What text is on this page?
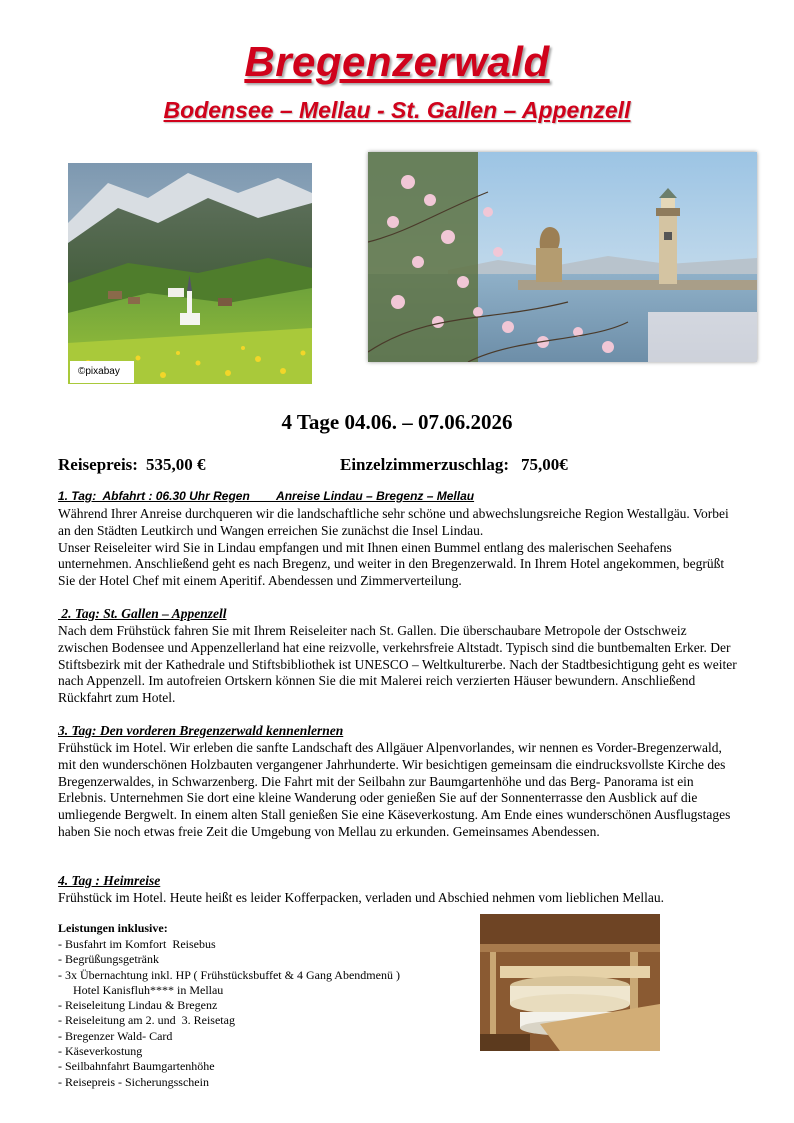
Bregenzerwald
Bodensee – Mellau - St. Gallen – Appenzell
©pixabay
4 Tage 04.06. – 07.06.2026
Reisepreis: 535,00 €	Einzelzimmerzuschlag: 75,00€
1. Tag:  Abfahrt : 06.30 Uhr Regen        Anreise Lindau – Bregenz – Mellau

Während Ihrer Anreise durchqueren wir die landschaftliche sehr schöne und abwechslungsreiche Region Westallgäu. Vorbei an den Städten Leutkirch und Wangen erreichen Sie zunächst die Insel Lindau.

Unser Reiseleiter wird Sie in Lindau empfangen und mit Ihnen einen Bummel entlang des malerischen Seehafens unternehmen. Anschließend geht es nach Bregenz, und weiter in den Bregenzerwald. In Ihrem Hotel angekommen, begrüßt Sie der Hotel Chef mit einem Aperitif. Abendessen und Zimmerverteilung.

2. Tag: St. Gallen – Appenzell

Nach dem Frühstück fahren Sie mit Ihrem Reiseleiter nach St. Gallen. Die überschaubare Metropole der Ostschweiz zwischen Bodensee und Appenzellerland hat eine reizvolle, verkehrsfreie Altstadt. Typisch sind die buntbemalten Erker. Der Stiftsbezirk mit der Kathedrale und Stiftsbibliothek ist UNESCO – Weltkulturerbe. Nach der Stadtbesichtigung geht es weiter nach Appenzell. Im autofreien Ortskern können Sie die mit Malerei reich verzierten Häuser bewundern. Anschließend Rückfahrt zum Hotel.

3. Tag: Den vorderen Bregenzerwald kennenlernen

Frühstück im Hotel. Wir erleben die sanfte Landschaft des Allgäuer Alpenvorlandes, wir nennen es Vorder-Bregenzerwald, mit den wunderschönen Holzbauten vergangener Jahrhunderte. Wir besichtigen gemeinsam die eindrucksvollste Kirche des Bregenzerwaldes, in Schwarzenberg. Die Fahrt mit der Seilbahn zur Baumgartenhöhe und das Berg- Panorama ist ein Erlebnis. Unternehmen Sie dort eine kleine Wanderung oder genießen Sie auf der Sonnenterrasse den Ausblick auf die umliegende Bergwelt. In einem alten Stall genießen Sie eine Käseverkostung. Am Ende eines wunderschönen Ausflugstages haben Sie noch etwas freie Zeit die Umgebung von Mellau zu erkunden. Gemeinsames Abendessen.

4. Tag : Heimreise

Frühstück im Hotel. Heute heißt es leider Kofferpacken, verladen und Abschied nehmen vom lieblichen Mellau.

Leistungen inklusive:
- Busfahrt im Komfort  Reisebus
- Begrüßungsgetränk
- 3x Übernachtung inkl. HP ( Frühstücksbuffet & 4 Gang Abendmenü )
Hotel Kanisfluh**** in Mellau
- Reiseleitung Lindau & Bregenz
- Reiseleitung am 2. und  3. Reisetag
- Bregenzer Wald- Card
- Käseverkostung
- Seilbahnfahrt Baumgartenhöhe
- Reisepreis - Sicherungsschein
